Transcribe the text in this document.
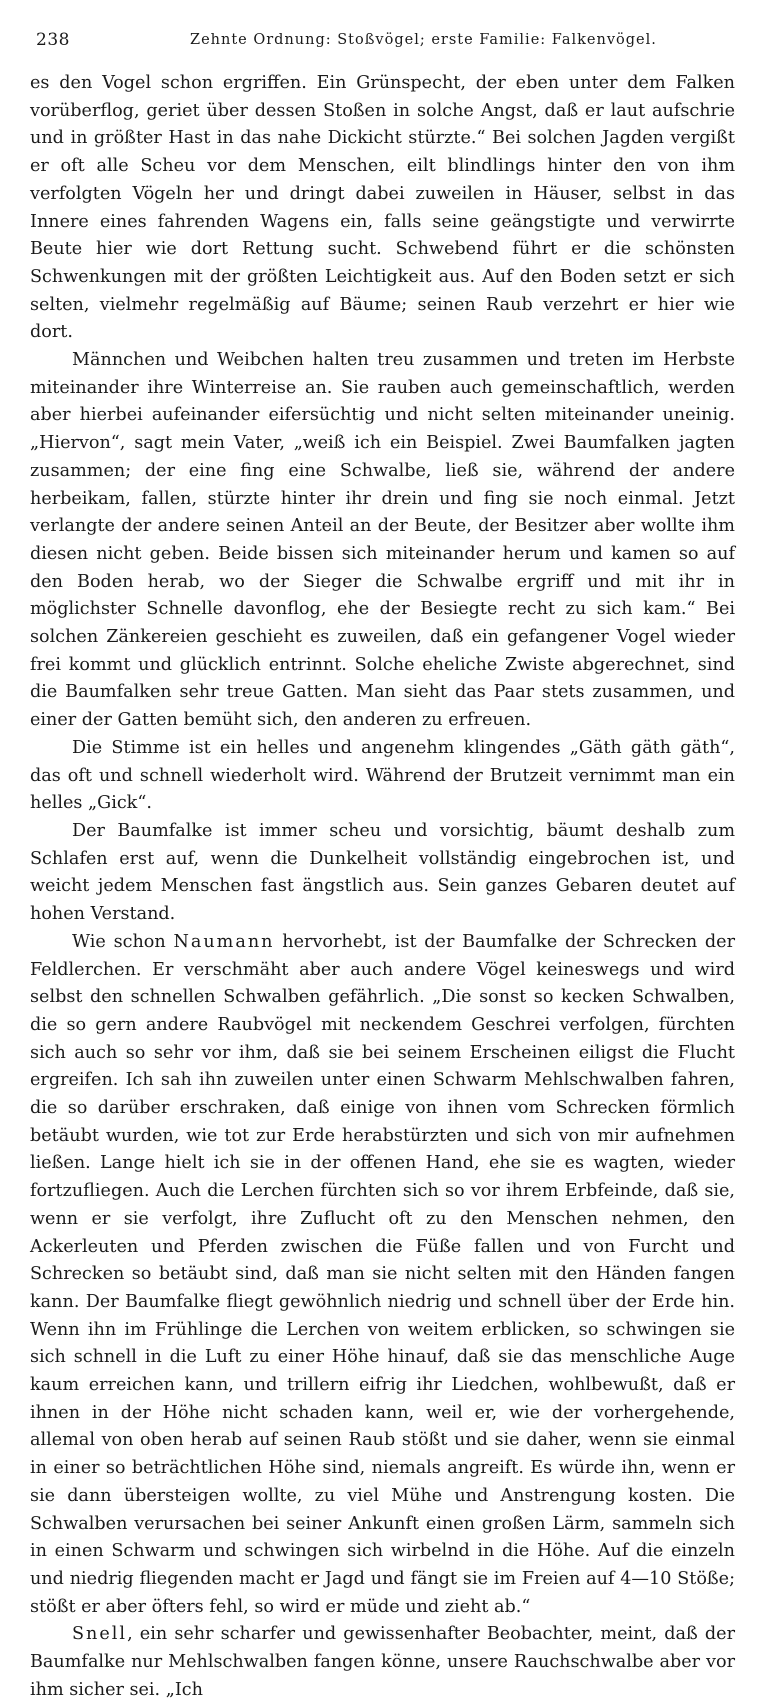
238	Zehnte Ordnung: Stoßvögel; erste Familie: Falkenvögel.

es den Vogel schon ergriffen. Ein Grünspecht, der eben unter dem Falken vorüberflog, geriet über dessen Stoßen in solche Angst, daß er laut aufschrie und in größter Hast in das nahe Dickicht stürzte.“ Bei solchen Jagden vergißt er oft alle Scheu vor dem Menschen, eilt blindlings hinter den von ihm verfolgten Vögeln her und dringt dabei zuweilen in Häuser, selbst in das Innere eines fahrenden Wagens ein, falls seine geängstigte und verwirrte Beute hier wie dort Rettung sucht. Schwebend führt er die schönsten Schwenkungen mit der größten Leichtigkeit aus. Auf den Boden setzt er sich selten, vielmehr regelmäßig auf Bäume; seinen Raub verzehrt er hier wie dort.

Männchen und Weibchen halten treu zusammen und treten im Herbste miteinander ihre Winterreise an. Sie rauben auch gemeinschaftlich, werden aber hierbei aufeinander eifersüchtig und nicht selten miteinander uneinig. „Hiervon“, sagt mein Vater, „weiß ich ein Beispiel. Zwei Baumfalken jagten zusammen; der eine fing eine Schwalbe, ließ sie, während der andere herbeikam, fallen, stürzte hinter ihr drein und fing sie noch einmal. Jetzt verlangte der andere seinen Anteil an der Beute, der Besitzer aber wollte ihm diesen nicht geben. Beide bissen sich miteinander herum und kamen so auf den Boden herab, wo der Sieger die Schwalbe ergriff und mit ihr in möglichster Schnelle davonflog, ehe der Besiegte recht zu sich kam.“ Bei solchen Zänkereien geschieht es zuweilen, daß ein gefangener Vogel wieder frei kommt und glücklich entrinnt. Solche eheliche Zwiste abgerechnet, sind die Baumfalken sehr treue Gatten. Man sieht das Paar stets zusammen, und einer der Gatten bemüht sich, den anderen zu erfreuen.

Die Stimme ist ein helles und angenehm klingendes „Gäth gäth gäth“, das oft und schnell wiederholt wird. Während der Brutzeit vernimmt man ein helles „Gick“.

Der Baumfalke ist immer scheu und vorsichtig, bäumt deshalb zum Schlafen erst auf, wenn die Dunkelheit vollständig eingebrochen ist, und weicht jedem Menschen fast ängstlich aus. Sein ganzes Gebaren deutet auf hohen Verstand.

Wie schon Naumann hervorhebt, ist der Baumfalke der Schrecken der Feldlerchen. Er verschmäht aber auch andere Vögel keineswegs und wird selbst den schnellen Schwalben gefährlich. „Die sonst so kecken Schwalben, die so gern andere Raubvögel mit neckendem Geschrei verfolgen, fürchten sich auch so sehr vor ihm, daß sie bei seinem Erscheinen eiligst die Flucht ergreifen. Ich sah ihn zuweilen unter einen Schwarm Mehlschwalben fahren, die so darüber erschraken, daß einige von ihnen vom Schrecken förmlich betäubt wurden, wie tot zur Erde herabstürzten und sich von mir aufnehmen ließen. Lange hielt ich sie in der offenen Hand, ehe sie es wagten, wieder fortzufliegen. Auch die Lerchen fürchten sich so vor ihrem Erbfeinde, daß sie, wenn er sie verfolgt, ihre Zuflucht oft zu den Menschen nehmen, den Ackerleuten und Pferden zwischen die Füße fallen und von Furcht und Schrecken so betäubt sind, daß man sie nicht selten mit den Händen fangen kann. Der Baumfalke fliegt gewöhnlich niedrig und schnell über der Erde hin. Wenn ihn im Frühlinge die Lerchen von weitem erblicken, so schwingen sie sich schnell in die Luft zu einer Höhe hinauf, daß sie das menschliche Auge kaum erreichen kann, und trillern eifrig ihr Liedchen, wohlbewußt, daß er ihnen in der Höhe nicht schaden kann, weil er, wie der vorhergehende, allemal von oben herab auf seinen Raub stößt und sie daher, wenn sie einmal in einer so beträchtlichen Höhe sind, niemals angreift. Es würde ihn, wenn er sie dann übersteigen wollte, zu viel Mühe und Anstrengung kosten. Die Schwalben verursachen bei seiner Ankunft einen großen Lärm, sammeln sich in einen Schwarm und schwingen sich wirbelnd in die Höhe. Auf die einzeln und niedrig fliegenden macht er Jagd und fängt sie im Freien auf 4—10 Stöße; stößt er aber öfters fehl, so wird er müde und zieht ab.“

Snell, ein sehr scharfer und gewissenhafter Beobachter, meint, daß der Baumfalke nur Mehlschwalben fangen könne, unsere Rauchschwalbe aber vor ihm sicher sei. „Ich
